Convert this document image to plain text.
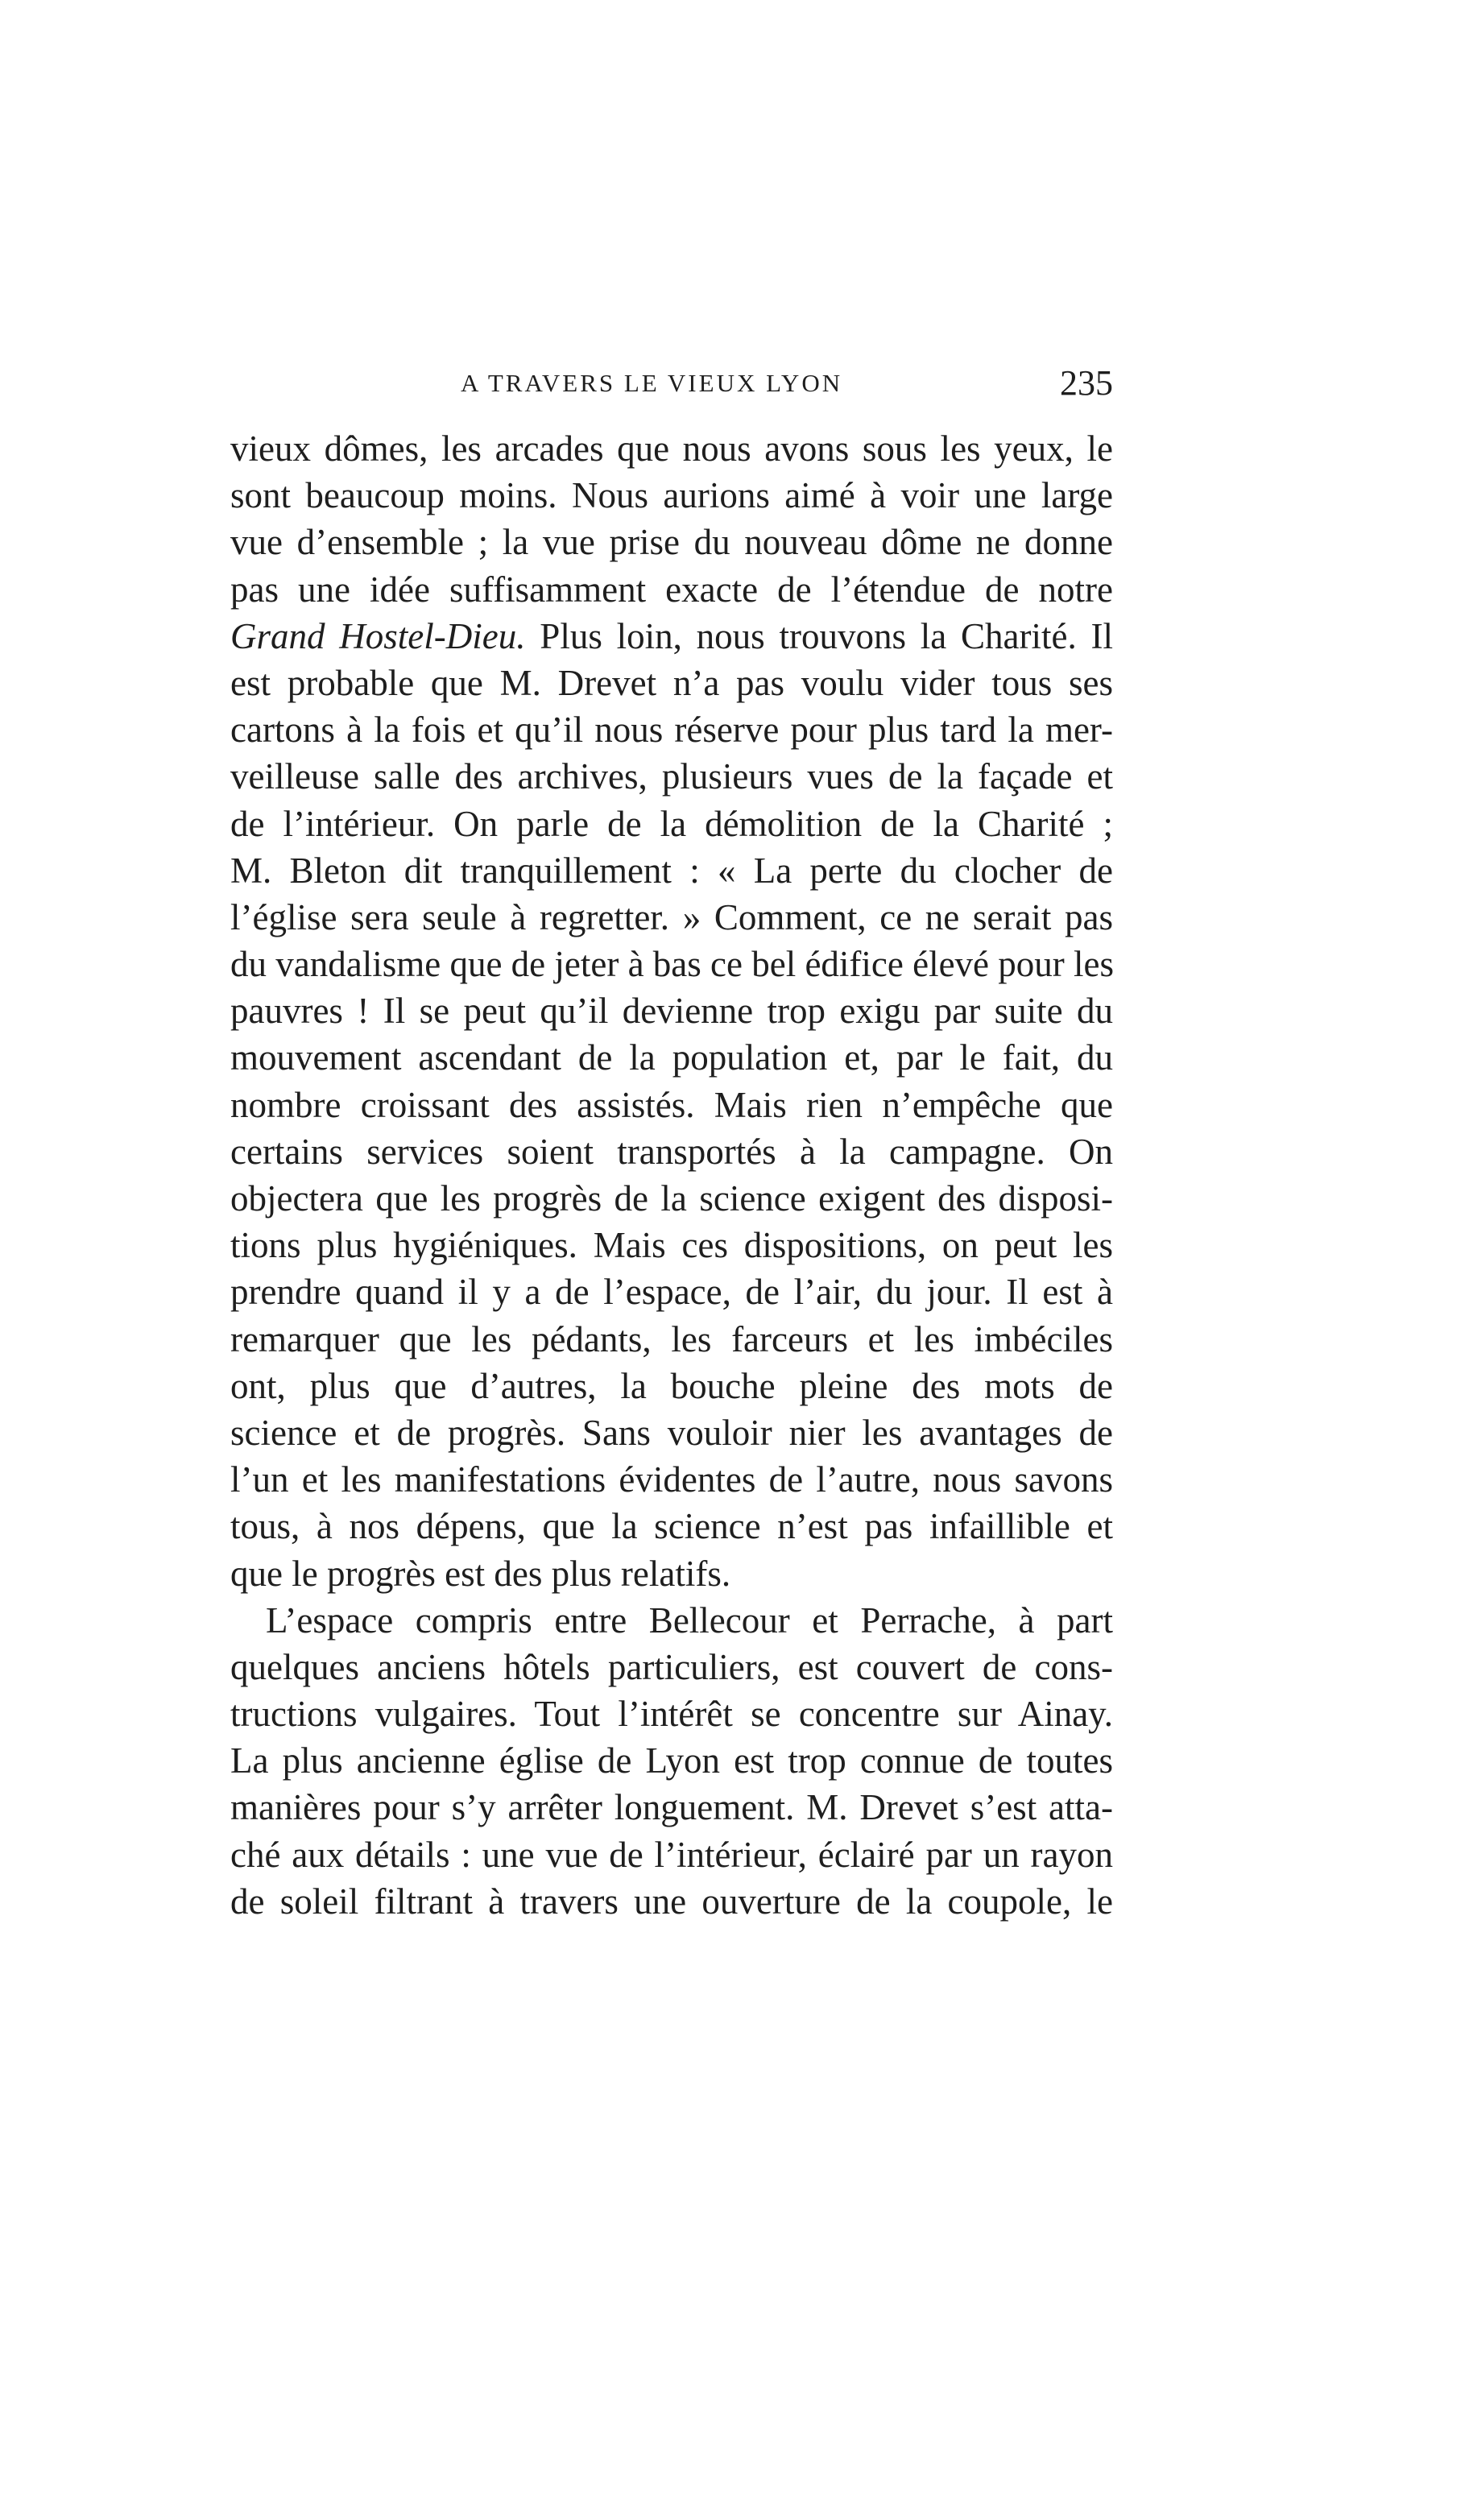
A TRAVERS LE VIEUX LYON	235
vieux dômes, les arcades que nous avons sous les yeux, le
sont beaucoup moins. Nous aurions aimé à voir une large
vue d’ensemble ; la vue prise du nouveau dôme ne donne
pas une idée suffisamment exacte de l’étendue de notre
Grand Hostel-Dieu. Plus loin, nous trouvons la Charité. Il
est probable que M. Drevet n’a pas voulu vider tous ses
cartons à la fois et qu’il nous réserve pour plus tard la mer-
veilleuse salle des archives, plusieurs vues de la façade et
de l’intérieur. On parle de la démolition de la Charité ;
M. Bleton dit tranquillement : « La perte du clocher de
l’église sera seule à regretter. » Comment, ce ne serait pas
du vandalisme que de jeter à bas ce bel édifice élevé pour les
pauvres ! Il se peut qu’il devienne trop exigu par suite du
mouvement ascendant de la population et, par le fait, du
nombre croissant des assistés. Mais rien n’empêche que
certains services soient transportés à la campagne. On
objectera que les progrès de la science exigent des disposi-
tions plus hygiéniques. Mais ces dispositions, on peut les
prendre quand il y a de l’espace, de l’air, du jour. Il est à
remarquer que les pédants, les farceurs et les imbéciles
ont, plus que d’autres, la bouche pleine des mots de
science et de progrès. Sans vouloir nier les avantages de
l’un et les manifestations évidentes de l’autre, nous savons
tous, à nos dépens, que la science n’est pas infaillible et
que le progrès est des plus relatifs.
L’espace compris entre Bellecour et Perrache, à part
quelques anciens hôtels particuliers, est couvert de cons-
tructions vulgaires. Tout l’intérêt se concentre sur Ainay.
La plus ancienne église de Lyon est trop connue de toutes
manières pour s’y arrêter longuement. M. Drevet s’est atta-
ché aux détails : une vue de l’intérieur, éclairé par un rayon
de soleil filtrant à travers une ouverture de la coupole, le
